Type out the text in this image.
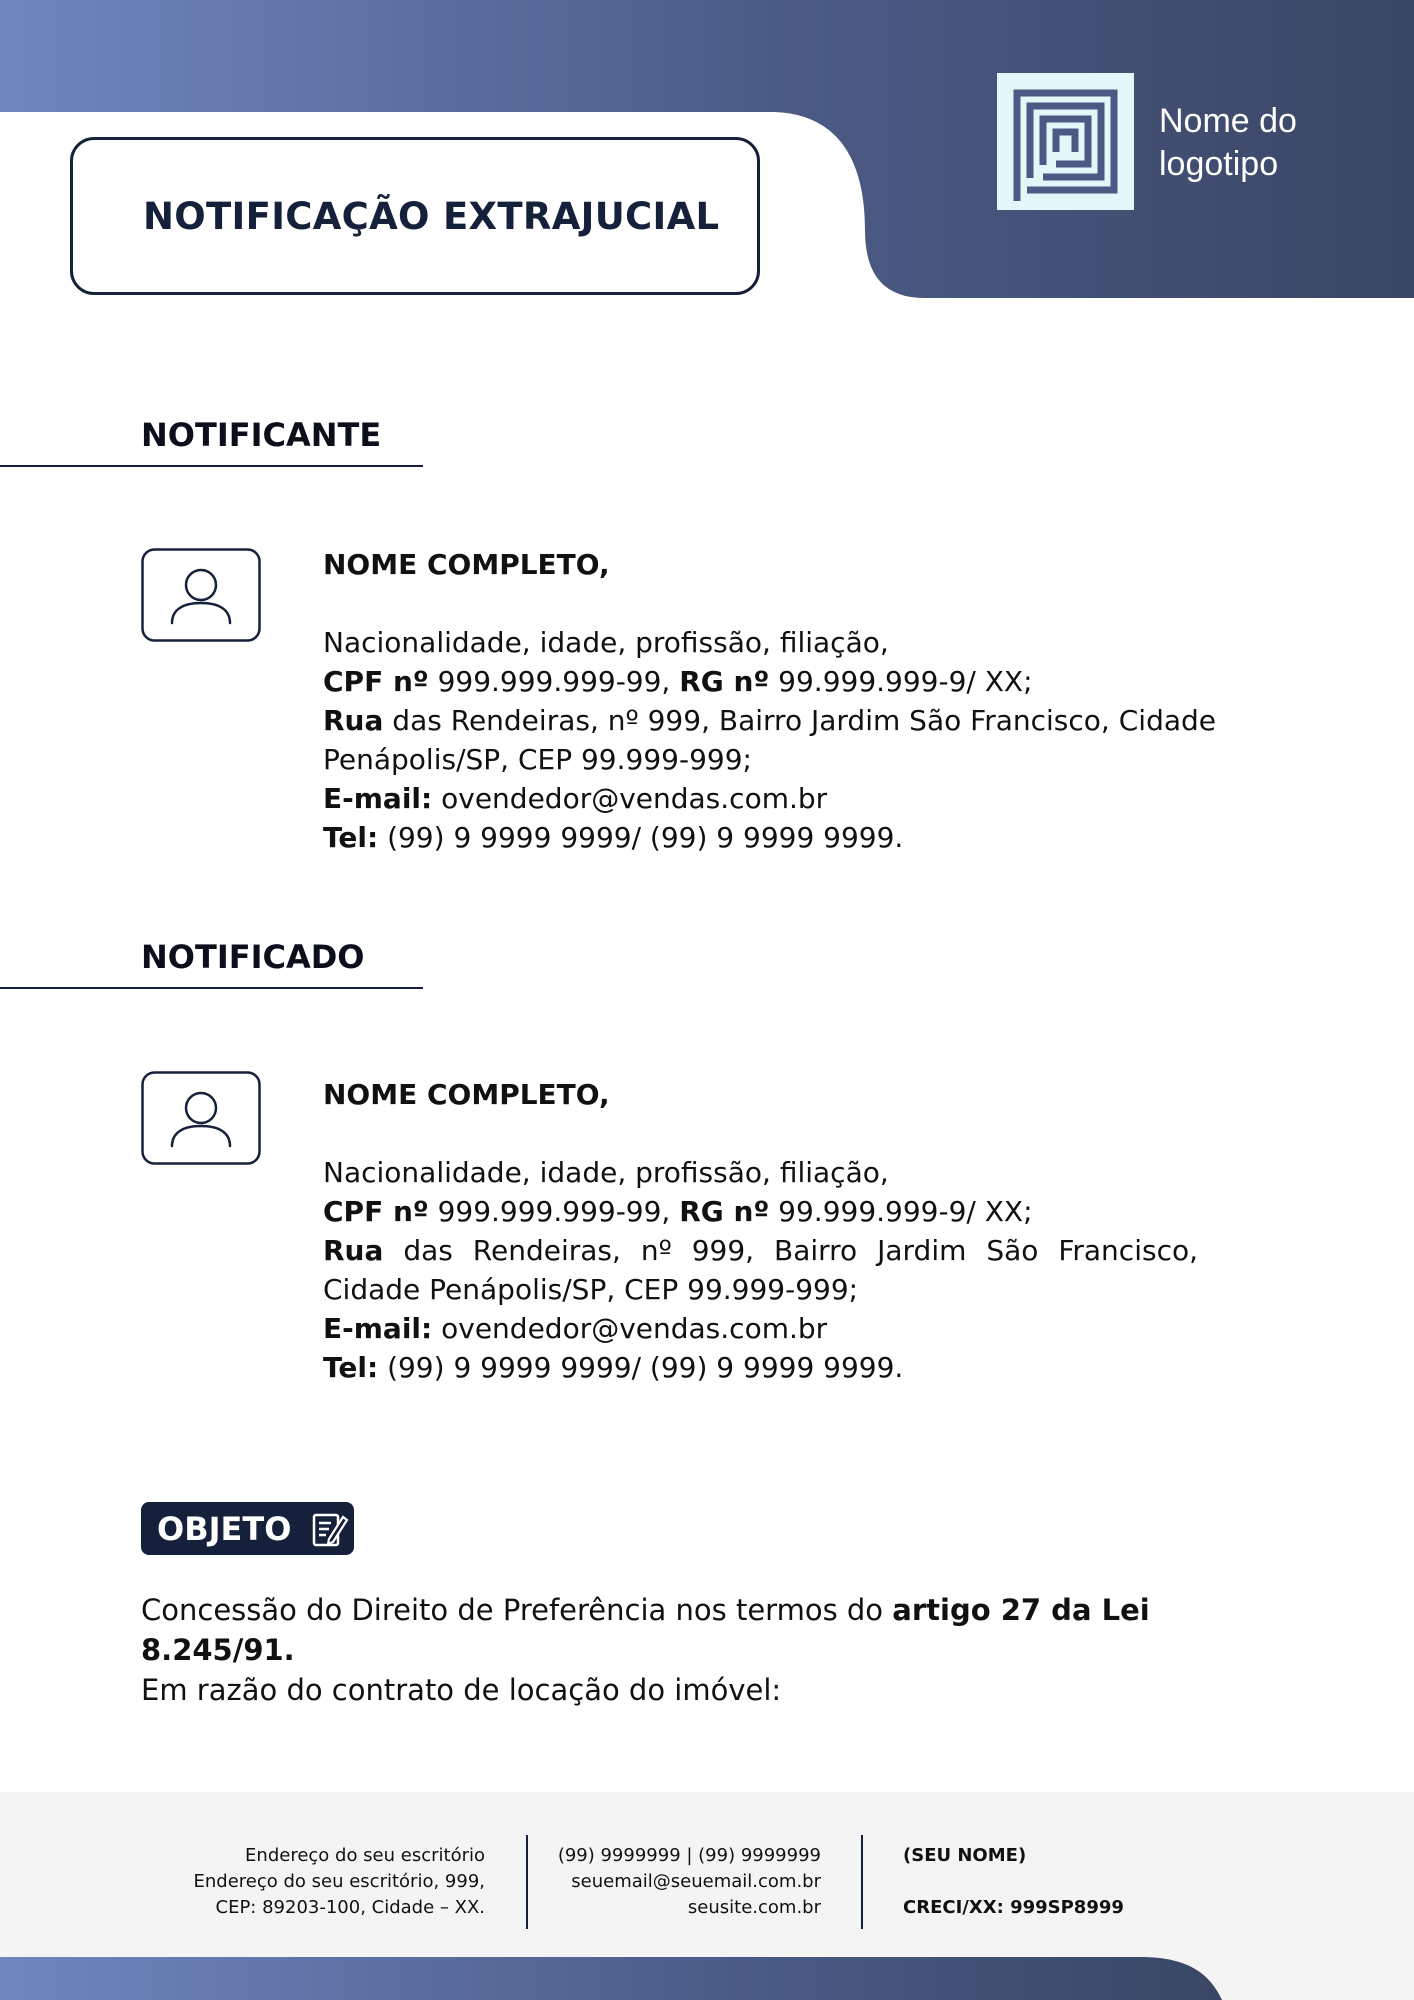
NOTIFICAÇÃO EXTRAJUCIAL
Nome do
logotipo
NOTIFICANTE
NOME COMPLETO,
Nacionalidade, idade, profissão, filiação,
CPF nº 999.999.999-99, RG nº 99.999.999-9/ XX;
Rua das Rendeiras, nº 999, Bairro Jardim São Francisco, Cidade Penápolis/SP, CEP 99.999-999;
E-mail: ovendedor@vendas.com.br
Tel: (99) 9 9999 9999/ (99) 9 9999 9999.
NOTIFICADO
NOME COMPLETO,
Nacionalidade, idade, profissão, filiação,
CPF nº 999.999.999-99, RG nº 99.999.999-9/ XX;
Rua das Rendeiras, nº 999, Bairro Jardim São Francisco, Cidade Penápolis/SP, CEP 99.999-999;
E-mail: ovendedor@vendas.com.br
Tel: (99) 9 9999 9999/ (99) 9 9999 9999.
OBJETO
Concessão do Direito de Preferência nos termos do artigo 27 da Lei 8.245/91.
Em razão do contrato de locação do imóvel:
Endereço do seu escritório
Endereço do seu escritório, 999,
CEP: 89203-100, Cidade – XX.
(99) 9999999 | (99) 9999999
seuemail@seuemail.com.br
seusite.com.br
(SEU NOME)
CRECI/XX: 999SP8999
